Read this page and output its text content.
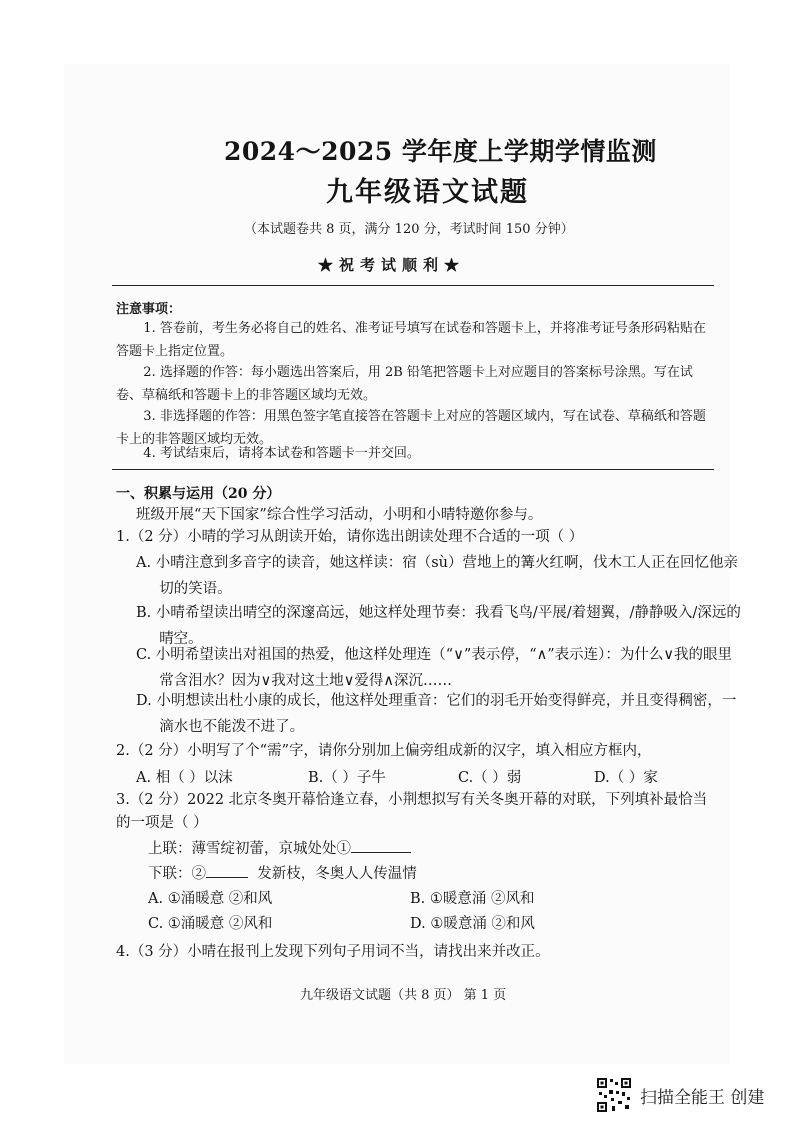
2024～2025 学年度上学期学情监测
九年级语文试题
（本试题卷共 8 页，满分 120 分，考试时间 150 分钟）
★祝考试顺利★
注意事项：
1. 答卷前，考生务必将自己的姓名、准考证号填写在试卷和答题卡上，并将准考证号条形码粘贴在答题卡上指定位置。
2. 选择题的作答：每小题选出答案后，用 2B 铅笔把答题卡上对应题目的答案标号涂黑。写在试卷、草稿纸和答题卡上的非答题区域均无效。
3. 非选择题的作答：用黑色签字笔直接答在答题卡上对应的答题区域内，写在试卷、草稿纸和答题卡上的非答题区域均无效。
4. 考试结束后，请将本试卷和答题卡一并交回。
一、积累与运用（20 分）
班级开展“天下国家”综合性学习活动，小明和小晴特邀你参与。
1.（2 分）小晴的学习从朗读开始，请你选出朗读处理不合适的一项（ ）
A. 小晴注意到多音字的读音，她这样读：宿（sù）营地上的篝火红啊，伐木工人正在回忆他亲切的笑语。
B. 小晴希望读出晴空的深邃高远，她这样处理节奏：我看飞鸟/平展/着翅翼，/静静吸入/深远的晴空。
C. 小明希望读出对祖国的热爱，他这样处理连（“∨”表示停，“∧”表示连）：为什么∨我的眼里常含泪水？因为∨我对这土地∨爱得∧深沉……
D. 小明想读出杜小康的成长，他这样处理重音：它们的羽毛开始变得鲜亮，并且变得稠密，一滴水也不能泼不进了。
2.（2 分）小明写了个“需”字，请你分别加上偏旁组成新的汉字，填入相应方框内，
A. 相（ ）以沫	B.（ ）子牛	C.（ ）弱	D.（ ）家
3.（2 分）2022 北京冬奥开幕恰逢立春，小荆想拟写有关冬奥开幕的对联，下列填补最恰当
的一项是（ ）
上联：薄雪绽初蕾，京城处处①
下联：②	发新枝，冬奥人人传温情
A. ①涌暖意 ②和风	B. ①暖意涌 ②风和
C. ①涌暖意 ②风和	D. ①暖意涌 ②和风
4.（3 分）小晴在报刊上发现下列句子用词不当，请找出来并改正。
九年级语文试题（共 8 页） 第 1 页
扫描全能王 创建
